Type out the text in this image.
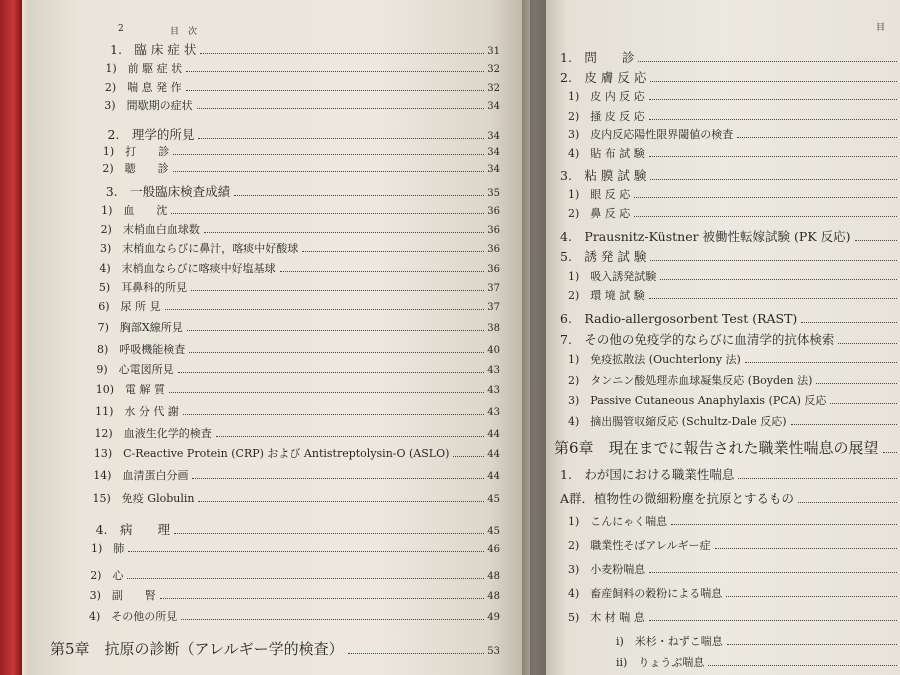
2	目　次
1.　臨 床 症 状	31
1)　前 駆 症 状	32
2)　喘 息 発 作	32
3)　間歇期の症状	34
2.　理学的所見	34
1)　打　　診	34
2)　聴　　診	34
3.　一般臨床検査成績	35
1)　血　　沈	36
2)　末梢血白血球数	36
3)　末梢血ならびに鼻汁，喀痰中好酸球	36
4)　末梢血ならびに喀痰中好塩基球	36
5)　耳鼻科的所見	37
6)　尿 所 見	37
7)　胸部X線所見	38
8)　呼吸機能検査	40
9)　心電図所見	43
10)　電 解 質	43
11)　水 分 代 謝	43
12)　血液生化学的検査	44
13)　C-Reactive Protein (CRP) および Antistreptolysin-O (ASLO)	44
14)　血清蛋白分画	44
15)　免疫 Globulin	45
4.　病　　理	45
1)　肺	46
2)　心	48
3)　副　　腎	48
4)　その他の所見	49
第5章　抗原の診断（アレルギー学的検査）	53
目
1.　問　　診
2.　皮 膚 反 応
1)　皮 内 反 応
2)　掻 皮 反 応
3)　皮内反応陽性限界閾値の検査
4)　貼 布 試 験
3.　粘 膜 試 験
1)　眼 反 応
2)　鼻 反 応
4.　Prausnitz-Küstner 被働性転嫁試験 (PK 反応)
5.　誘 発 試 験
1)　吸入誘発試験
2)　環 境 試 験
6.　Radio-allergosorbent Test (RAST)
7.　その他の免疫学的ならびに血清学的抗体検索
1)　免疫拡散法 (Ouchterlony 法)
2)　タンニン酸処理赤血球凝集反応 (Boyden 法)
3)　Passive Cutaneous Anaphylaxis (PCA) 反応
4)　摘出腸管収縮反応 (Schultz-Dale 反応)
第6章　現在までに報告された職業性喘息の展望
1.　わが国における職業性喘息
A群．植物性の微細粉塵を抗原とするもの
1)　こんにゃく喘息
2)　職業性そばアレルギー症
3)　小麦粉喘息
4)　畜産飼料の穀粉による喘息
5)　木 材 喘 息
i)　米杉・ねずこ喘息
ii)　りょうぶ喘息
